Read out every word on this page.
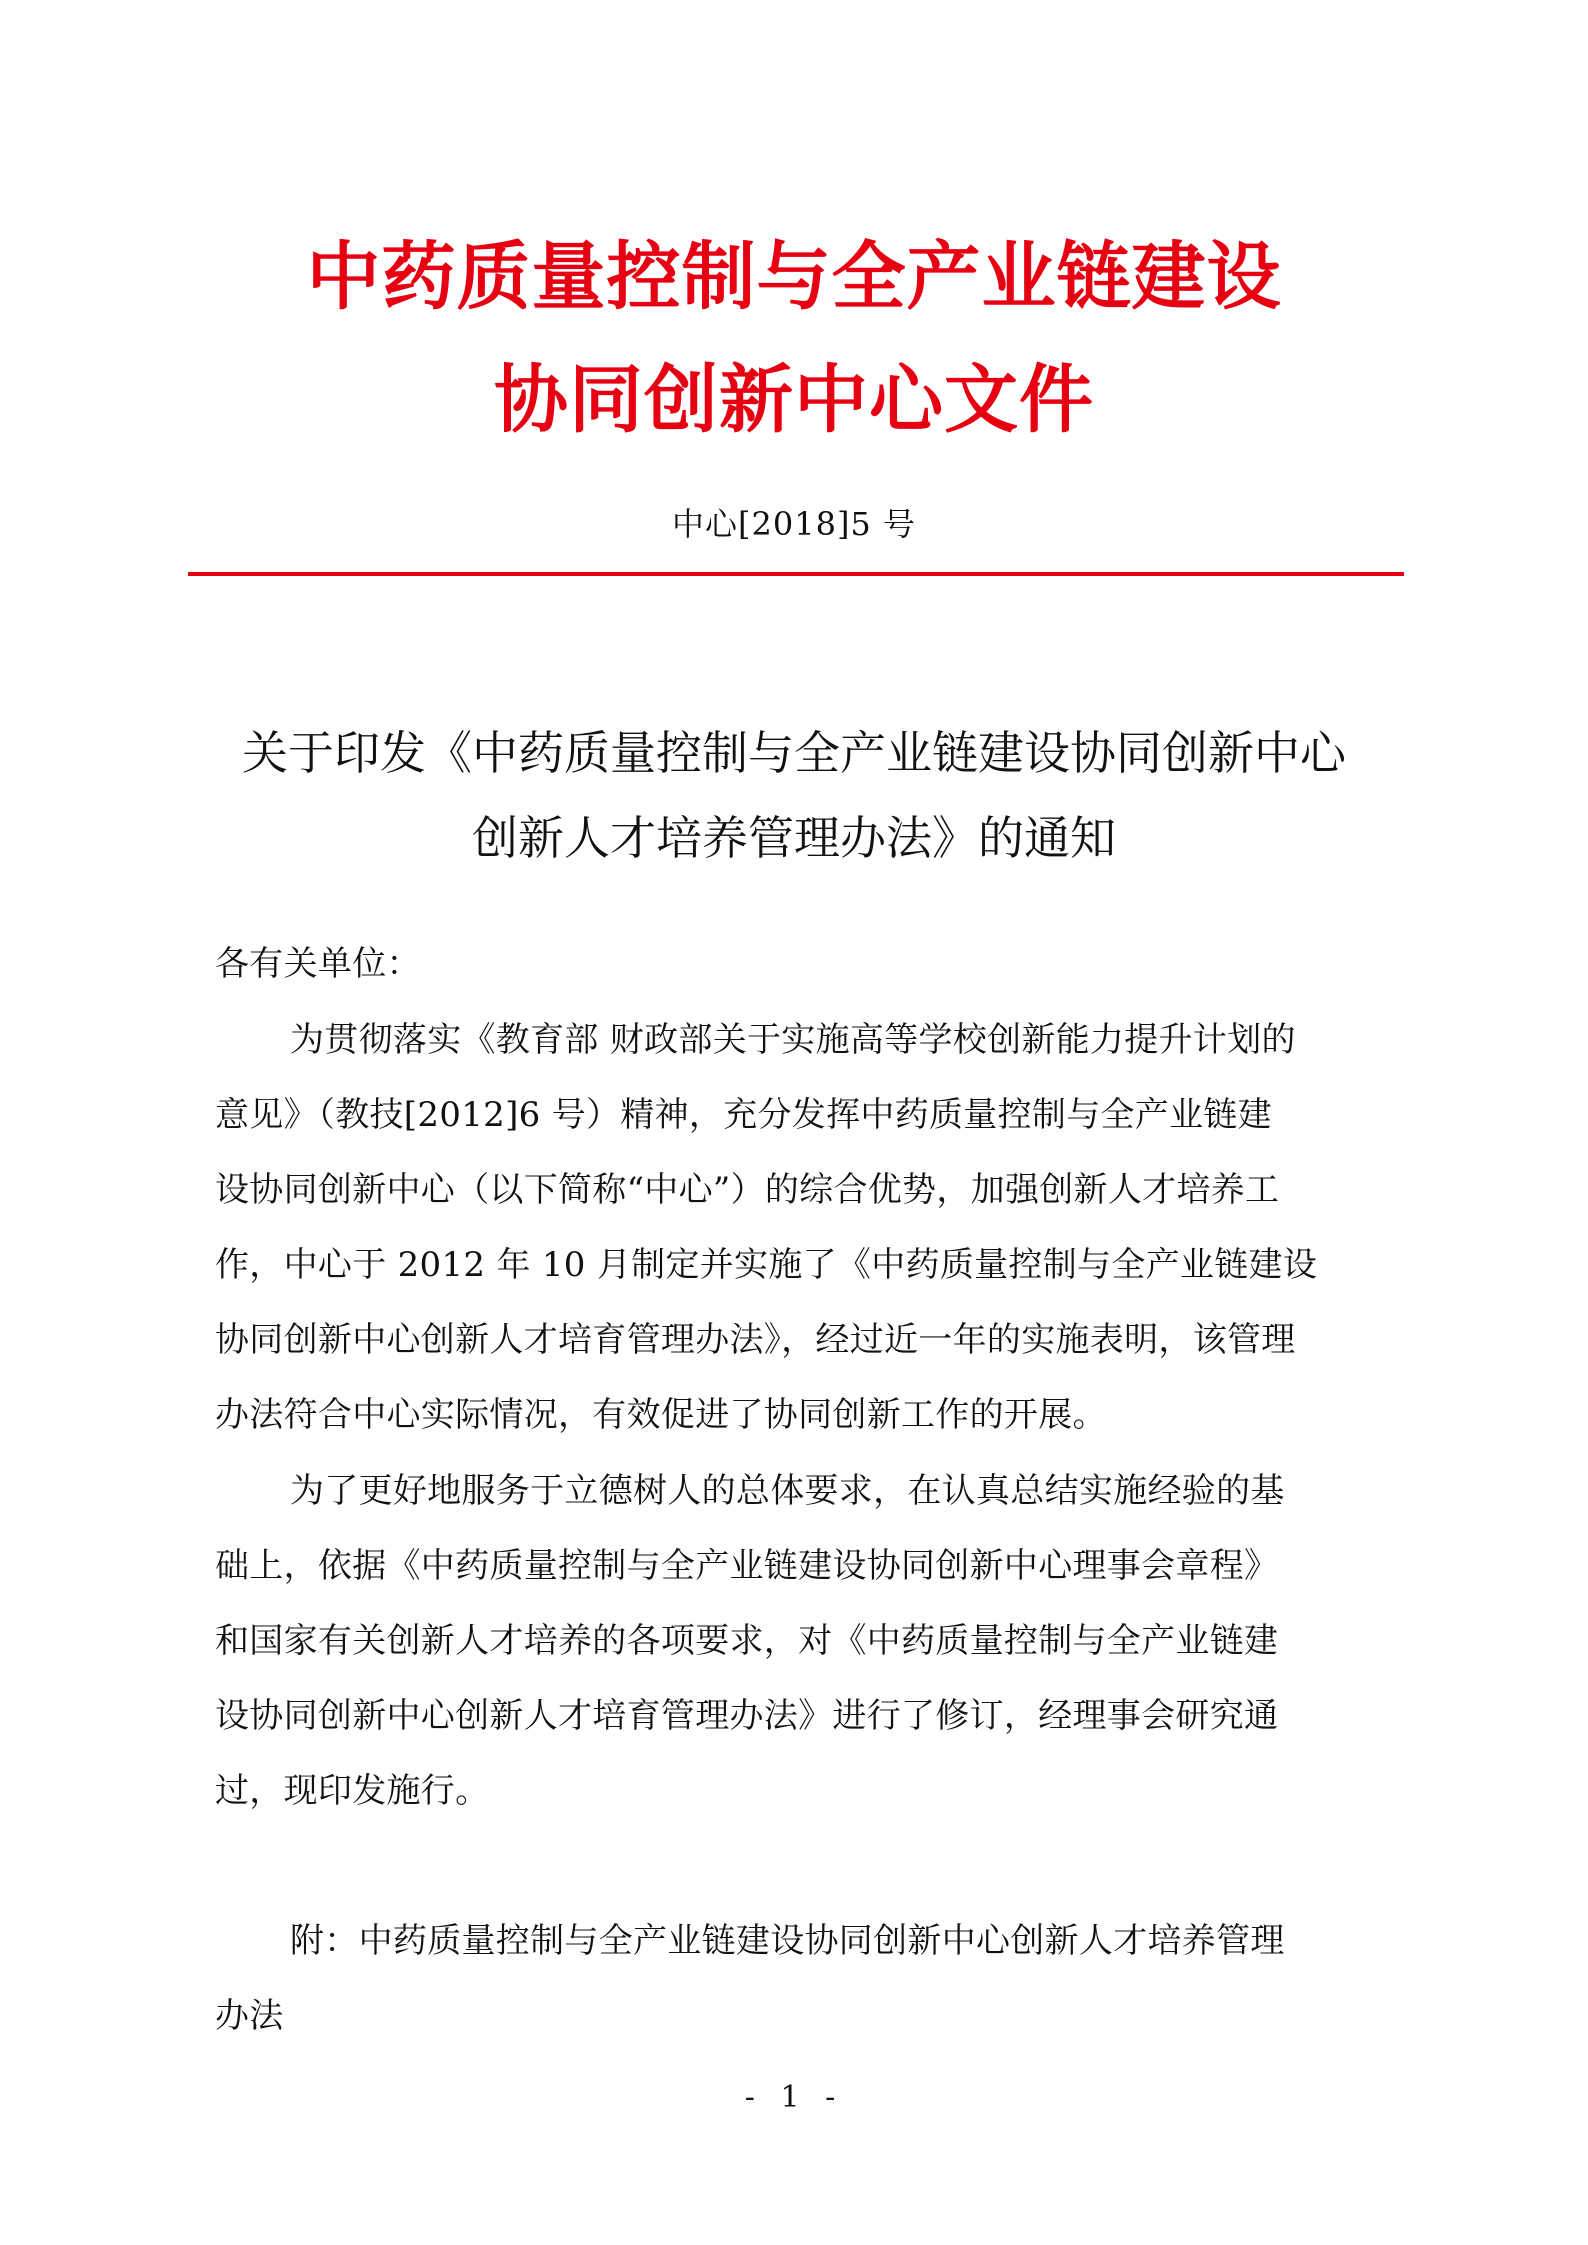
中药质量控制与全产业链建设
协同创新中心文件
中心[2018]5 号
关于印发《中药质量控制与全产业链建设协同创新中心
创新人才培养管理办法》的通知
各有关单位：
为贯彻落实《教育部 财政部关于实施高等学校创新能力提升计划的
意见》（教技[2012]6 号）精神，充分发挥中药质量控制与全产业链建
设协同创新中心（以下简称“中心”）的综合优势，加强创新人才培养工
作，中心于 2012 年 10 月制定并实施了《中药质量控制与全产业链建设
协同创新中心创新人才培育管理办法》，经过近一年的实施表明，该管理
办法符合中心实际情况，有效促进了协同创新工作的开展。
为了更好地服务于立德树人的总体要求，在认真总结实施经验的基
础上，依据《中药质量控制与全产业链建设协同创新中心理事会章程》
和国家有关创新人才培养的各项要求，对《中药质量控制与全产业链建
设协同创新中心创新人才培育管理办法》进行了修订，经理事会研究通
过，现印发施行。
附：中药质量控制与全产业链建设协同创新中心创新人才培养管理
办法
- 1 -
